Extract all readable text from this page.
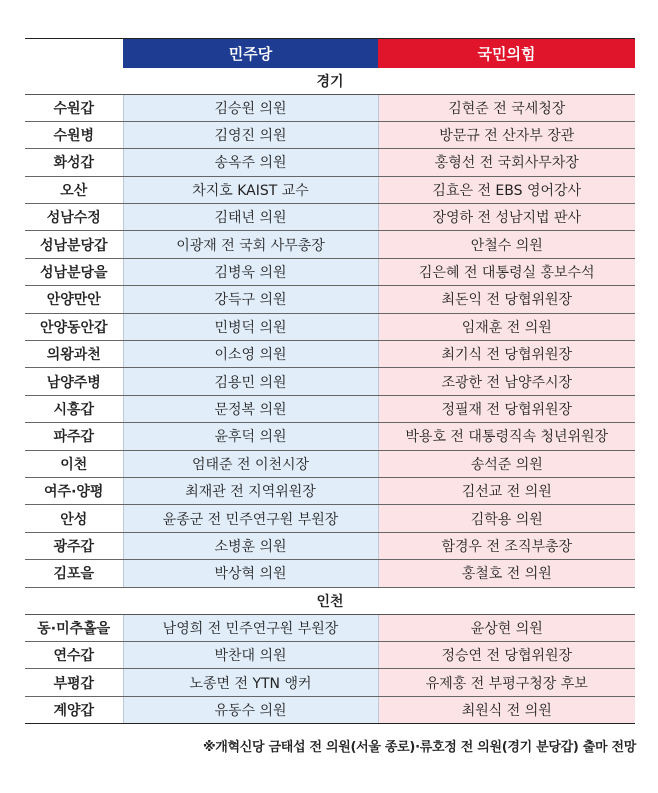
	민주당	국민의힘
경기		
수원갑	김승원 의원	김현준 전 국세청장
수원병	김영진 의원	방문규 전 산자부 장관
화성갑	송옥주 의원	홍형선 전 국회사무차장
오산	차지호 KAIST 교수	김효은 전 EBS 영어강사
성남수정	김태년 의원	장영하 전 성남지법 판사
성남분당갑	이광재 전 국회 사무총장	안철수 의원
성남분당을	김병욱 의원	김은혜 전 대통령실 홍보수석
안양만안	강득구 의원	최돈익 전 당협위원장
안양동안갑	민병덕 의원	임재훈 전 의원
의왕과천	이소영 의원	최기식 전 당협위원장
남양주병	김용민 의원	조광한 전 남양주시장
시흥갑	문정복 의원	정필재 전 당협위원장
파주갑	윤후덕 의원	박용호 전 대통령직속 청년위원장
이천	엄태준 전 이천시장	송석준 의원
여주·양평	최재관 전 지역위원장	김선교 전 의원
안성	윤종군 전 민주연구원 부원장	김학용 의원
광주갑	소병훈 의원	함경우 전 조직부총장
김포을	박상혁 의원	홍철호 전 의원
인천		
동·미추홀을	남영희 전 민주연구원 부원장	윤상현 의원
연수갑	박찬대 의원	정승연 전 당협위원장
부평갑	노종면 전 YTN 앵커	유제홍 전 부평구청장 후보
계양갑	유동수 의원	최원식 전 의원
※개혁신당 금태섭 전 의원(서울 종로)·류호정 전 의원(경기 분당갑) 출마 전망
